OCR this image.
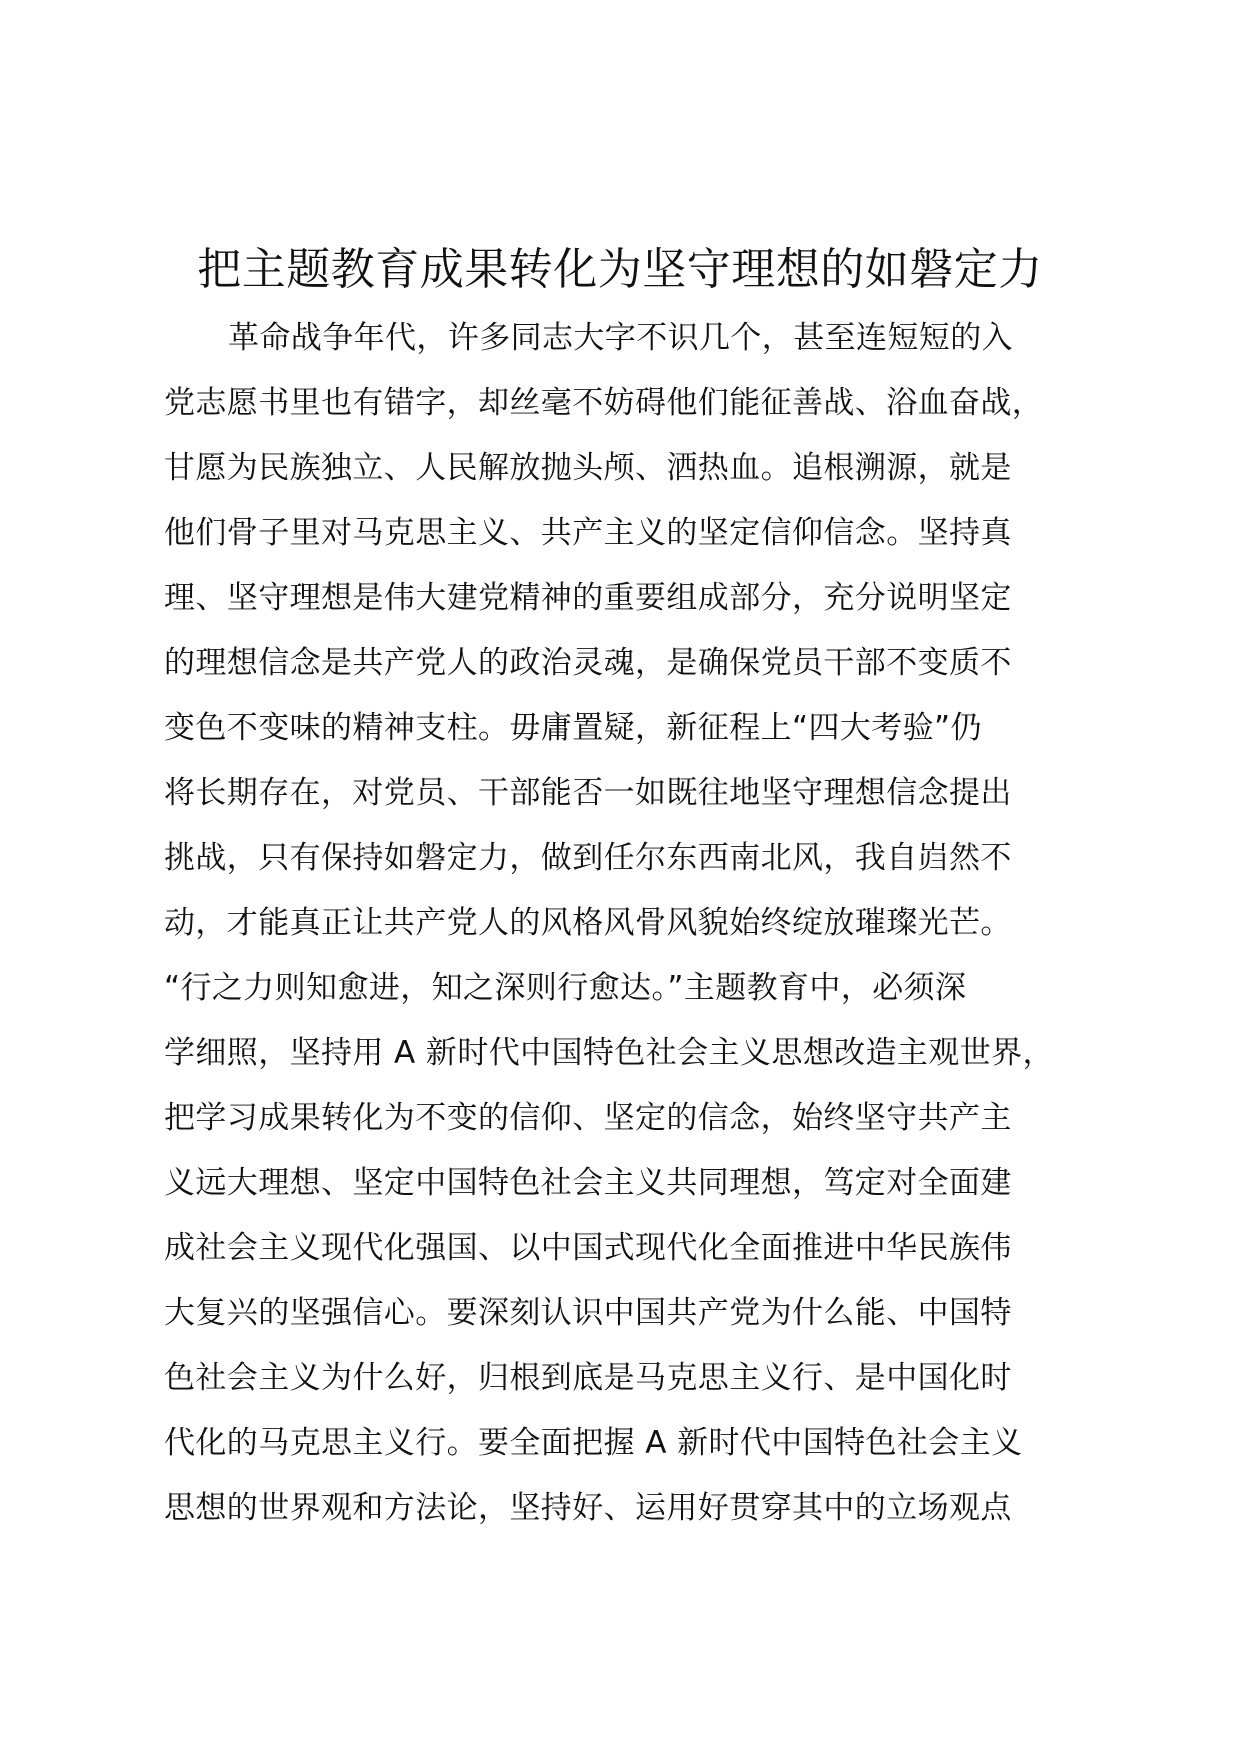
把主题教育成果转化为坚守理想的如磐定力

革命战争年代，许多同志大字不识几个，甚至连短短的入

党志愿书里也有错字，却丝毫不妨碍他们能征善战、浴血奋战，

甘愿为民族独立、人民解放抛头颅、洒热血。追根溯源，就是

他们骨子里对马克思主义、共产主义的坚定信仰信念。坚持真

理、坚守理想是伟大建党精神的重要组成部分，充分说明坚定

的理想信念是共产党人的政治灵魂，是确保党员干部不变质不

变色不变味的精神支柱。毋庸置疑，新征程上“四大考验”仍

将长期存在，对党员、干部能否一如既往地坚守理想信念提出

挑战，只有保持如磐定力，做到任尔东西南北风，我自岿然不

动，才能真正让共产党人的风格风骨风貌始终绽放璀璨光芒。

“行之力则知愈进，知之深则行愈达。”主题教育中，必须深

学细照，坚持用 A 新时代中国特色社会主义思想改造主观世界，

把学习成果转化为不变的信仰、坚定的信念，始终坚守共产主

义远大理想、坚定中国特色社会主义共同理想，笃定对全面建

成社会主义现代化强国、以中国式现代化全面推进中华民族伟

大复兴的坚强信心。要深刻认识中国共产党为什么能、中国特

色社会主义为什么好，归根到底是马克思主义行、是中国化时

代化的马克思主义行。要全面把握 A 新时代中国特色社会主义

思想的世界观和方法论，坚持好、运用好贯穿其中的立场观点
